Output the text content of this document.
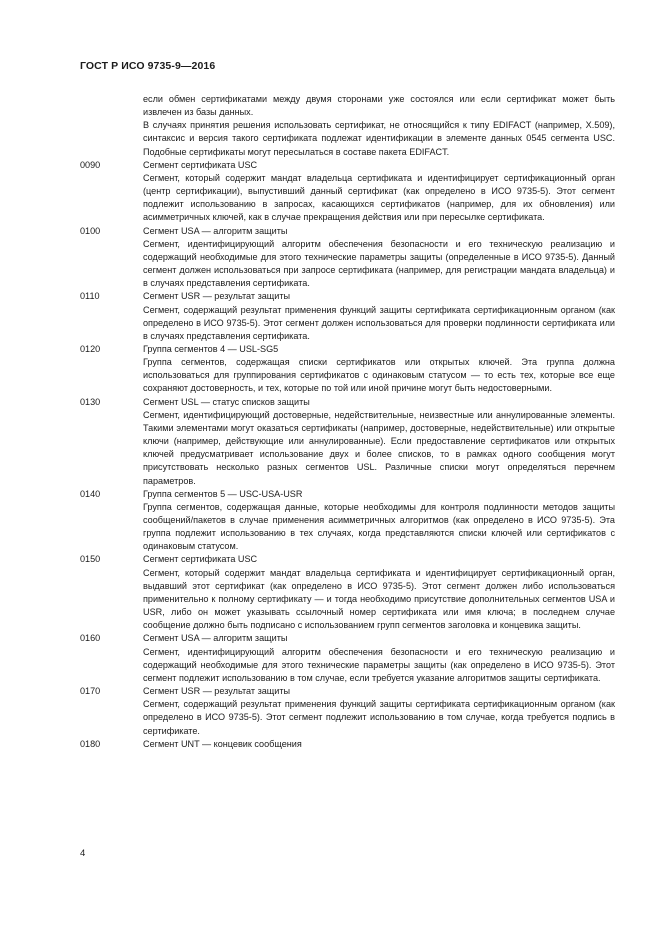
ГОСТ Р ИСО 9735-9—2016
если обмен сертификатами между двумя сторонами уже состоялся или если сертификат может быть извлечен из базы данных.
В случаях принятия решения использовать сертификат, не относящийся к типу EDIFACT (например, X.509), синтаксис и версия такого сертификата подлежат идентификации в элементе данных 0545 сегмента USC. Подобные сертификаты могут пересылаться в составе пакета EDIFACT.
0090	Сегмент сертификата USC
Сегмент, который содержит мандат владельца сертификата и идентифицирует сертификационный орган (центр сертификации), выпустивший данный сертификат (как определено в ИСО 9735-5). Этот сегмент подлежит использованию в запросах, касающихся сертификатов (например, для их обновления) или асимметричных ключей, как в случае прекращения действия или при пересылке сертификата.
0100	Сегмент USA — алгоритм защиты
Сегмент, идентифицирующий алгоритм обеспечения безопасности и его техническую реализацию и содержащий необходимые для этого технические параметры защиты (определенные в ИСО 9735-5). Данный сегмент должен использоваться при запросе сертификата (например, для регистрации мандата владельца) и в случаях представления сертификата.
0110	Сегмент USR — результат защиты
Сегмент, содержащий результат применения функций защиты сертификата сертификационным органом (как определено в ИСО 9735-5). Этот сегмент должен использоваться для проверки подлинности сертификата или в случаях представления сертификата.
0120	Группа сегментов 4 — USL-SG5
Группа сегментов, содержащая списки сертификатов или открытых ключей. Эта группа должна использоваться для группирования сертификатов с одинаковым статусом — то есть тех, которые все еще сохраняют достоверность, и тех, которые по той или иной причине могут быть недостоверными.
0130	Сегмент USL — статус списков защиты
Сегмент, идентифицирующий достоверные, недействительные, неизвестные или аннулированные элементы. Такими элементами могут оказаться сертификаты (например, достоверные, недействительные) или открытые ключи (например, действующие или аннулированные). Если предоставление сертификатов или открытых ключей предусматривает использование двух и более списков, то в рамках одного сообщения могут присутствовать несколько разных сегментов USL. Различные списки могут определяться перечнем параметров.
0140	Группа сегментов 5 — USC-USA-USR
Группа сегментов, содержащая данные, которые необходимы для контроля подлинности методов защиты сообщений/пакетов в случае применения асимметричных алгоритмов (как определено в ИСО 9735-5). Эта группа подлежит использованию в тех случаях, когда представляются списки ключей или сертификатов с одинаковым статусом.
0150	Сегмент сертификата USC
Сегмент, который содержит мандат владельца сертификата и идентифицирует сертификационный орган, выдавший этот сертификат (как определено в ИСО 9735-5). Этот сегмент должен либо использоваться применительно к полному сертификату — и тогда необходимо присутствие дополнительных сегментов USA и USR, либо он может указывать ссылочный номер сертификата или имя ключа; в последнем случае сообщение должно быть подписано с использованием групп сегментов заголовка и концевика защиты.
0160	Сегмент USA — алгоритм защиты
Сегмент, идентифицирующий алгоритм обеспечения безопасности и его техническую реализацию и содержащий необходимые для этого технические параметры защиты (как определено в ИСО 9735-5). Этот сегмент подлежит использованию в том случае, если требуется указание алгоритмов защиты сертификата.
0170	Сегмент USR — результат защиты
Сегмент, содержащий результат применения функций защиты сертификата сертификационным органом (как определено в ИСО 9735-5). Этот сегмент подлежит использованию в том случае, когда требуется подпись в сертификате.
0180	Сегмент UNT — концевик сообщения
4
